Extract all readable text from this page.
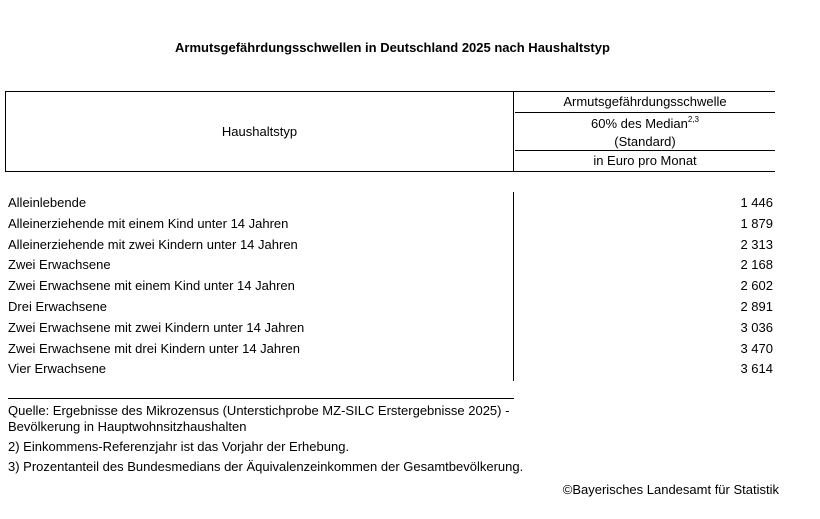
Armutsgefährdungsschwellen in Deutschland 2025 nach Haushaltstyp
Haushaltstyp
Armutsgefährdungsschwelle
60% des Median$^{2,3}$
(Standard)
in Euro pro Monat
Alleinlebende	1 446
Alleinerziehende mit einem Kind unter 14 Jahren	1 879
Alleinerziehende mit zwei Kindern unter 14 Jahren	2 313
Zwei Erwachsene	2 168
Zwei Erwachsene mit einem Kind unter 14 Jahren	2 602
Drei Erwachsene	2 891
Zwei Erwachsene mit zwei Kindern unter 14 Jahren	3 036
Zwei Erwachsene mit drei Kindern unter 14 Jahren	3 470
Vier Erwachsene	3 614
Quelle: Ergebnisse des Mikrozensus (Unterstichprobe MZ-SILC Erstergebnisse 2025) -
Bevölkerung in Hauptwohnsitzhaushalten
2) Einkommens-Referenzjahr ist das Vorjahr der Erhebung.
3) Prozentanteil des Bundesmedians der Äquivalenzeinkommen der Gesamtbevölkerung.
©Bayerisches Landesamt für Statistik
